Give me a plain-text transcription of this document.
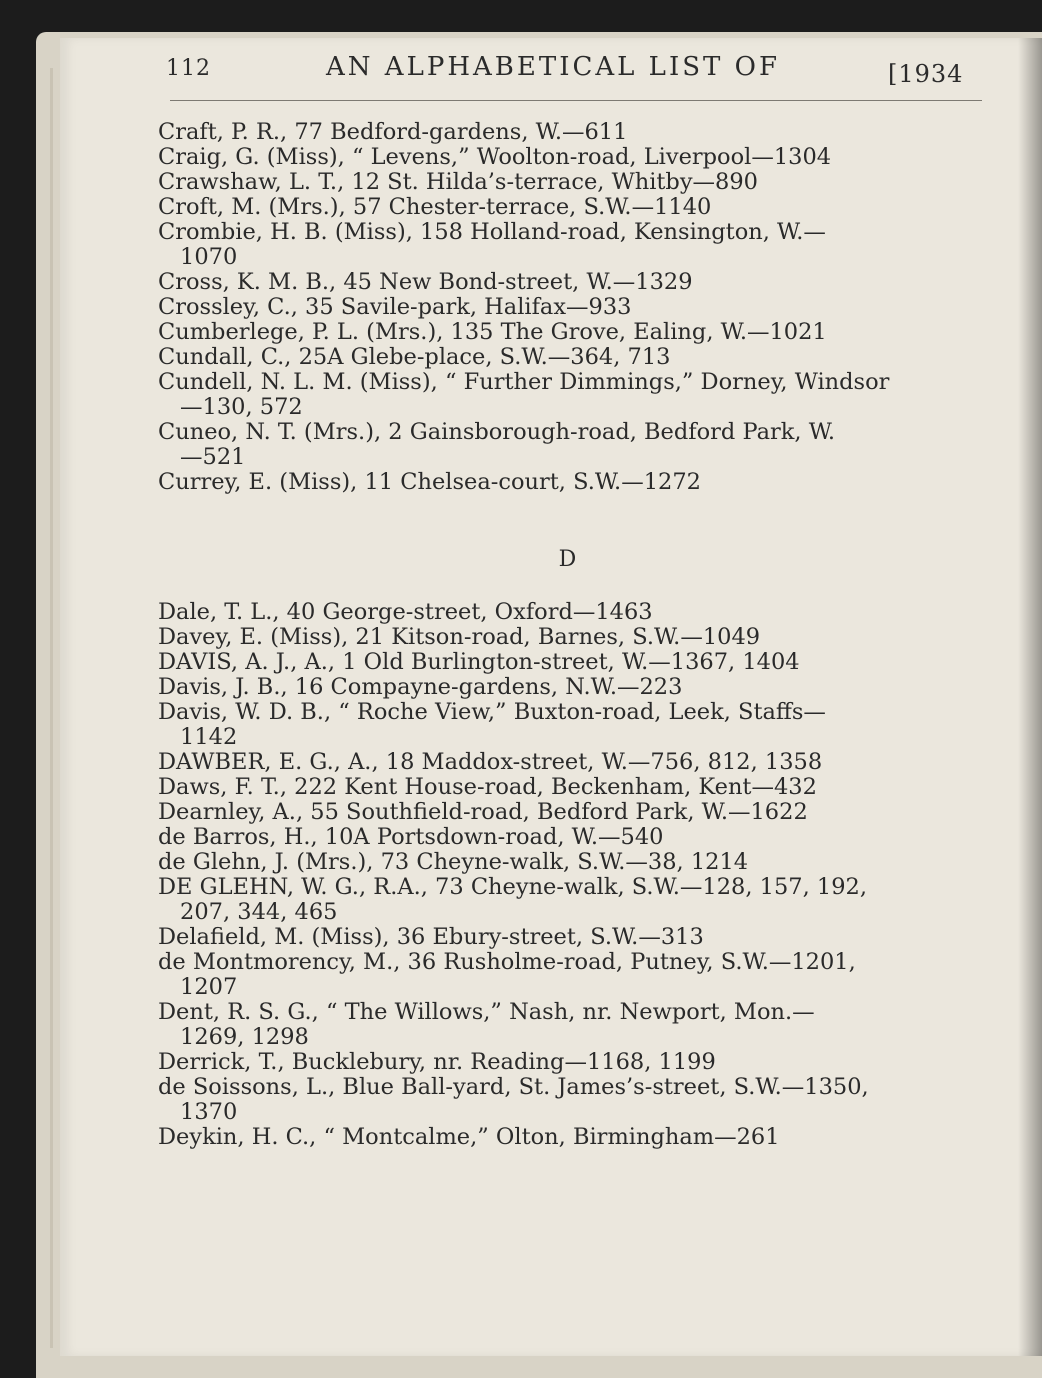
112	AN ALPHABETICAL LIST OF	[1934

Craft, P. R., 77 Bedford-gardens, W.—611

Craig, G. (Miss), “ Levens,” Woolton-road, Liverpool—1304

Crawshaw, L. T., 12 St. Hilda’s-terrace, Whitby—890

Croft, M. (Mrs.), 57 Chester-terrace, S.W.—1140

Crombie, H. B. (Miss), 158 Holland-road, Kensington, W.—
1070

Cross, K. M. B., 45 New Bond-street, W.—1329

Crossley, C., 35 Savile-park, Halifax—933

Cumberlege, P. L. (Mrs.), 135 The Grove, Ealing, W.—1021

Cundall, C., 25A Glebe-place, S.W.—364, 713

Cundell, N. L. M. (Miss), “ Further Dimmings,” Dorney, Windsor
—130, 572

Cuneo, N. T. (Mrs.), 2 Gainsborough-road, Bedford Park, W.
—521

Currey, E. (Miss), 11 Chelsea-court, S.W.—1272

D

Dale, T. L., 40 George-street, Oxford—1463

Davey, E. (Miss), 21 Kitson-road, Barnes, S.W.—1049

DAVIS, A. J., A., 1 Old Burlington-street, W.—1367, 1404

Davis, J. B., 16 Compayne-gardens, N.W.—223

Davis, W. D. B., “ Roche View,” Buxton-road, Leek, Staffs—
1142

DAWBER, E. G., A., 18 Maddox-street, W.—756, 812, 1358

Daws, F. T., 222 Kent House-road, Beckenham, Kent—432

Dearnley, A., 55 Southfield-road, Bedford Park, W.—1622

de Barros, H., 10A Portsdown-road, W.—540

de Glehn, J. (Mrs.), 73 Cheyne-walk, S.W.—38, 1214

DE GLEHN, W. G., R.A., 73 Cheyne-walk, S.W.—128, 157, 192,
207, 344, 465

Delafield, M. (Miss), 36 Ebury-street, S.W.—313

de Montmorency, M., 36 Rusholme-road, Putney, S.W.—1201,
1207

Dent, R. S. G., “ The Willows,” Nash, nr. Newport, Mon.—
1269, 1298

Derrick, T., Bucklebury, nr. Reading—1168, 1199

de Soissons, L., Blue Ball-yard, St. James’s-street, S.W.—1350,
1370

Deykin, H. C., “ Montcalme,” Olton, Birmingham—261
